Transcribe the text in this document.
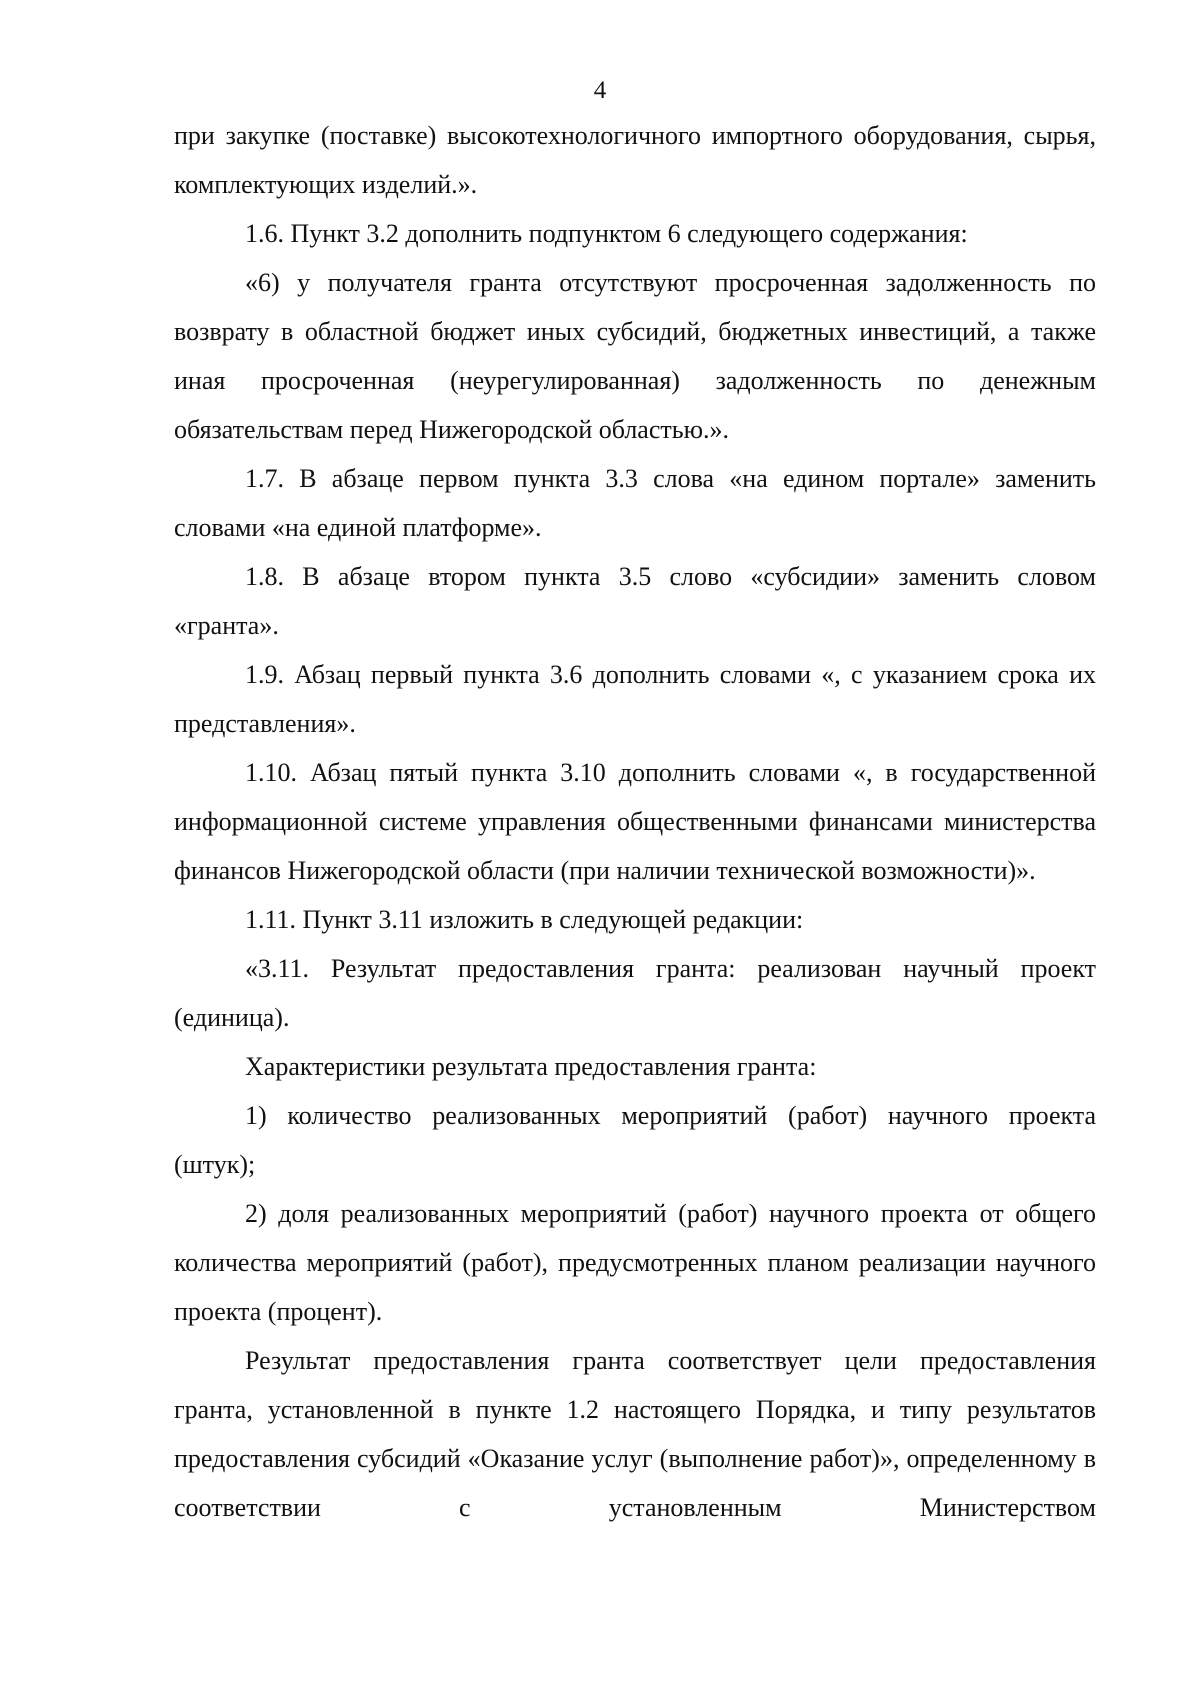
4

при закупке (поставке) высокотехнологичного импортного оборудования, сырья, комплектующих изделий.».

1.6. Пункт 3.2 дополнить подпунктом 6 следующего содержания:

«6) у получателя гранта отсутствуют просроченная задолженность по возврату в областной бюджет иных субсидий, бюджетных инвестиций, а также иная просроченная (неурегулированная) задолженность по денежным обязательствам перед Нижегородской областью.».

1.7. В абзаце первом пункта 3.3 слова «на едином портале» заменить словами «на единой платформе».

1.8. В абзаце втором пункта 3.5 слово «субсидии» заменить словом «гранта».

1.9. Абзац первый пункта 3.6 дополнить словами «, с указанием срока их представления».

1.10. Абзац пятый пункта 3.10 дополнить словами «, в государственной информационной системе управления общественными финансами министерства финансов Нижегородской области (при наличии технической возможности)».

1.11. Пункт 3.11 изложить в следующей редакции:

«3.11. Результат предоставления гранта: реализован научный проект (единица).

Характеристики результата предоставления гранта:

1) количество реализованных мероприятий (работ) научного проекта (штук);

2) доля реализованных мероприятий (работ) научного проекта от общего количества мероприятий (работ), предусмотренных планом реализации научного проекта (процент).

Результат предоставления гранта соответствует цели предоставления гранта, установленной в пункте 1.2 настоящего Порядка, и типу результатов предоставления субсидий «Оказание услуг (выполнение работ)», определенному в соответствии с установленным Министерством
